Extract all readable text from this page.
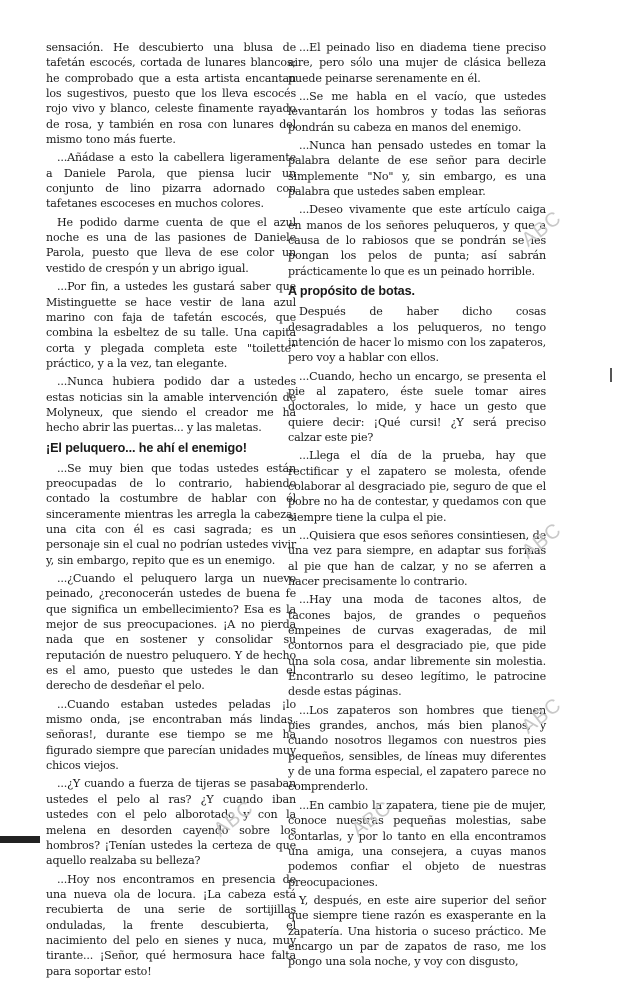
sensación. He descubierto una blusa de tafetán escocés, cortada de lunares blancos; he comprobado que a esta artista encantan los sugestivos, puesto que los lleva escocés rojo vivo y blanco, celeste finamente rayado de rosa, y también en rosa con lunares del mismo tono más fuerte.

...Añádase a esto la cabellera ligeramente a Daniele Parola, que piensa lucir un conjunto de lino pizarra adornado con tafetanes escoceses en muchos colores.

He podido darme cuenta de que el azul noche es una de las pasiones de Daniele Parola, puesto que lleva de ese color un vestido de crespón y un abrigo igual.

...Por fin, a ustedes les gustará saber que Mistinguette se hace vestir de lana azul marino con faja de tafetán escocés, que combina la esbeltez de su talle. Una capita corta y plegada completa este "toilette" práctico, y a la vez, tan elegante.

...Nunca hubiera podido dar a ustedes estas noticias sin la amable intervención de Molyneux, que siendo el creador me ha hecho abrir las puertas... y las maletas.

¡El peluquero... he ahí el enemigo!

...Se muy bien que todas ustedes están preocupadas de lo contrario, habiendo contado la costumbre de hablar con él sinceramente mientras les arregla la cabeza; una cita con él es casi sagrada; es un personaje sin el cual no podrían ustedes vivir y, sin embargo, repito que es un enemigo.

...¿Cuando el peluquero larga un nuevo peinado, ¿reconocerán ustedes de buena fe que significa un embellecimiento? Esa es la mejor de sus preocupaciones. ¡A no pierda nada que en sostener y consolidar su reputación de nuestro peluquero. Y de hecho es el amo, puesto que ustedes le dan el derecho de desdeñar el pelo.

...Cuando estaban ustedes peladas ¡lo mismo onda, ¡se encontraban más lindas, señoras!, durante ese tiempo se me ha figurado siempre que parecían unidades muy chicos viejos.

...¿Y cuando a fuerza de tijeras se pasaban ustedes el pelo al ras? ¿Y cuando iban ustedes con el pelo alborotado y con la melena en desorden cayendo sobre los hombros? ¡Tenían ustedes la certeza de que aquello realzaba su belleza?

...Hoy nos encontramos en presencia de una nueva ola de locura. ¡La cabeza está recubierta de una serie de sortijillas onduladas, la frente descubierta, el nacimiento del pelo en sienes y nuca, muy tirante... ¡Señor, qué hermosura hace falta para soportar esto!

...El peinado liso en diadema tiene preciso aire, pero sólo una mujer de clásica belleza puede peinarse serenamente en él.

...Se me habla en el vacío, que ustedes levantarán los hombros y todas las señoras pondrán su cabeza en manos del enemigo.

...Nunca han pensado ustedes en tomar la palabra delante de ese señor para decirle simplemente "No" y, sin embargo, es una palabra que ustedes saben emplear.

...Deseo vivamente que este artículo caiga en manos de los señores peluqueros, y que a causa de lo rabiosos que se pondrán se les pongan los pelos de punta; así sabrán prácticamente lo que es un peinado horrible.

A propósito de botas.

Después de haber dicho cosas desagradables a los peluqueros, no tengo intención de hacer lo mismo con los zapateros, pero voy a hablar con ellos.

...Cuando, hecho un encargo, se presenta el pie al zapatero, éste suele tomar aires doctorales, lo mide, y hace un gesto que quiere decir: ¡Qué cursi! ¿Y será preciso calzar este pie?

...Llega el día de la prueba, hay que rectificar y el zapatero se molesta, ofende colaborar al desgraciado pie, seguro de que el pobre no ha de contestar, y quedamos con que siempre tiene la culpa el pie.

...Quisiera que esos señores consintiesen, de una vez para siempre, en adaptar sus formas al pie que han de calzar, y no se aferren a hacer precisamente lo contrario.

...Hay una moda de tacones altos, de tacones bajos, de grandes o pequeños empeines de curvas exageradas, de mil contornos para el desgraciado pie, que pide una sola cosa, andar libremente sin molestia. Encontrarlo su deseo legítimo, le patrocine desde estas páginas.

...Los zapateros son hombres que tienen pies grandes, anchos, más bien planos, y cuando nosotros llegamos con nuestros pies pequeños, sensibles, de líneas muy diferentes y de una forma especial, el zapatero parece no comprenderlo.

...En cambio la zapatera, tiene pie de mujer, conoce nuestras pequeñas molestias, sabe contarlas, y por lo tanto en ella encontramos una amiga, una consejera, a cuyas manos podemos confiar el objeto de nuestras preocupaciones.

Y, después, en este aire superior del señor que siempre tiene razón es exasperante en la zapatería. Una historia o suceso práctico. Me encargo un par de zapatos de raso, me los pongo una sola noche, y voy con disgusto,

ABC
ABC
ABC
ABC	ABC
